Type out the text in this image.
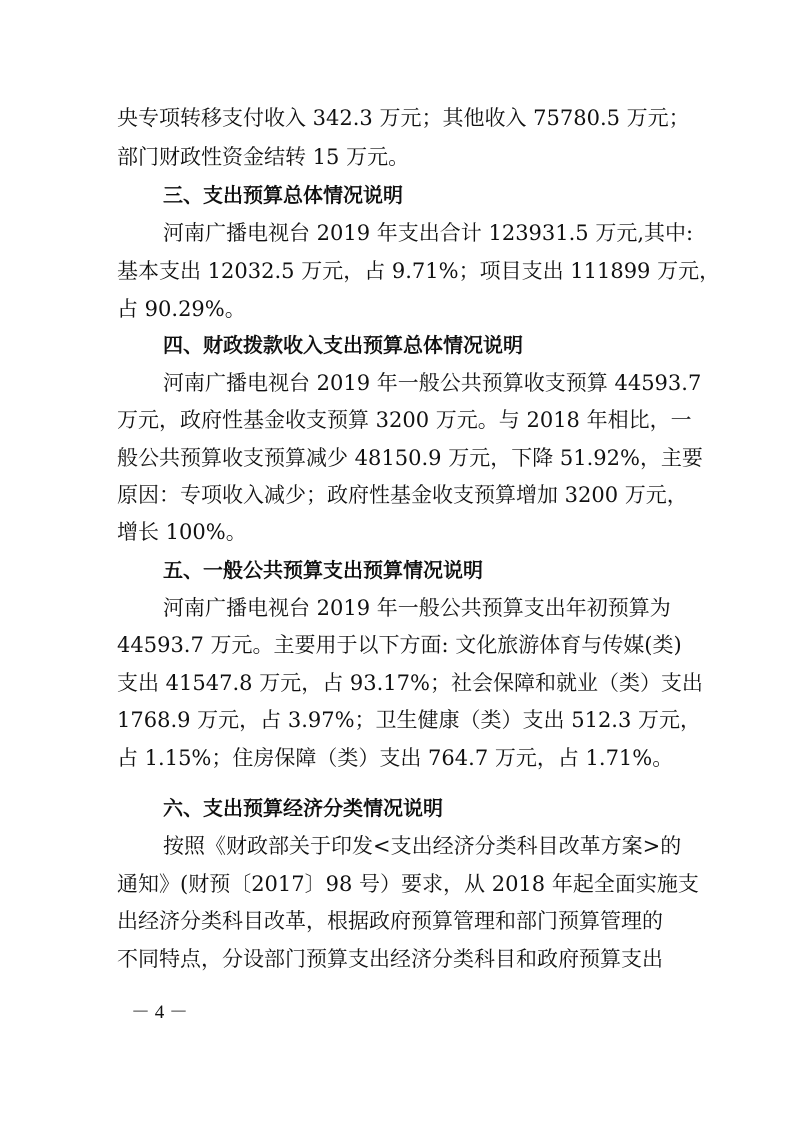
央专项转移支付收入 342.3 万元；其他收入 75780.5 万元；
部门财政性资金结转 15 万元。
三、支出预算总体情况说明
河南广播电视台 2019 年支出合计 123931.5 万元,其中:
基本支出 12032.5 万元，占 9.71%；项目支出 111899 万元，
占 90.29%。
四、财政拨款收入支出预算总体情况说明
河南广播电视台 2019 年一般公共预算收支预算 44593.7
万元，政府性基金收支预算 3200 万元。与 2018 年相比，一
般公共预算收支预算减少 48150.9 万元，下降 51.92%，主要
原因：专项收入减少；政府性基金收支预算增加 3200 万元，
增长 100%。
五、一般公共预算支出预算情况说明
河南广播电视台 2019 年一般公共预算支出年初预算为
44593.7 万元。主要用于以下方面: 文化旅游体育与传媒(类)
支出 41547.8 万元，占 93.17%；社会保障和就业（类）支出
1768.9 万元，占 3.97%；卫生健康（类）支出 512.3 万元，
占 1.15%；住房保障（类）支出 764.7 万元，占 1.71%。
六、支出预算经济分类情况说明
按照《财政部关于印发<支出经济分类科目改革方案>的
通知》(财预〔2017〕98 号）要求，从 2018 年起全面实施支
出经济分类科目改革，根据政府预算管理和部门预算管理的
不同特点，分设部门预算支出经济分类科目和政府预算支出
－ 4 －
